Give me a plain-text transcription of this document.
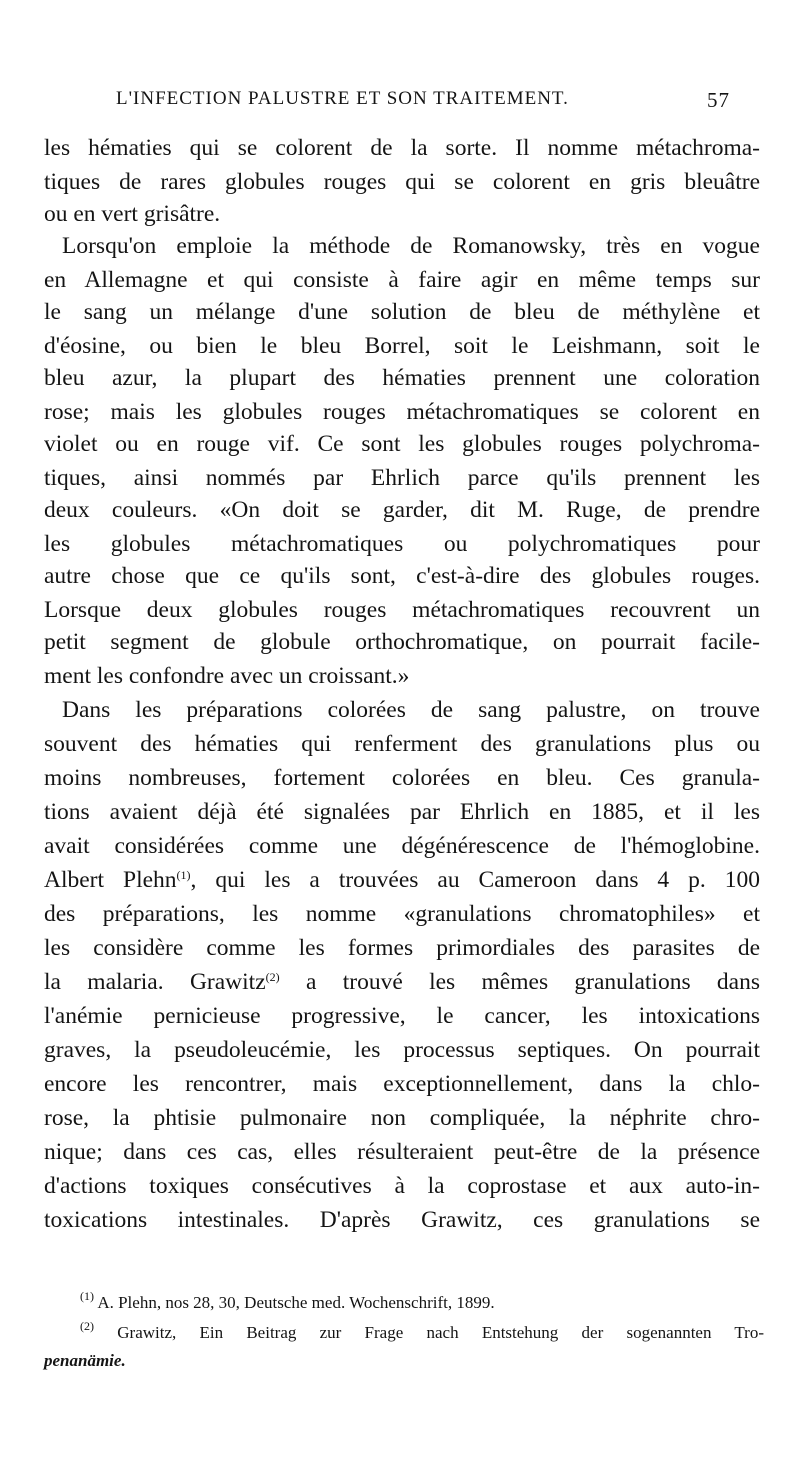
L'INFECTION PALUSTRE ET SON TRAITEMENT.	57
les hématies qui se colorent de la sorte. Il nomme métachroma-
tiques de rares globules rouges qui se colorent en gris bleuâtre
ou en vert grisâtre.
Lorsqu'on emploie la méthode de Romanowsky, très en vogue
en Allemagne et qui consiste à faire agir en même temps sur
le sang un mélange d'une solution de bleu de méthylène et
d'éosine, ou bien le bleu Borrel, soit le Leishmann, soit le
bleu azur, la plupart des hématies prennent une coloration
rose; mais les globules rouges métachromatiques se colorent en
violet ou en rouge vif. Ce sont les globules rouges polychroma-
tiques, ainsi nommés par Ehrlich parce qu'ils prennent les
deux couleurs. «On doit se garder, dit M. Ruge, de prendre
les globules métachromatiques ou polychromatiques pour
autre chose que ce qu'ils sont, c'est-à-dire des globules rouges.
Lorsque deux globules rouges métachromatiques recouvrent un
petit segment de globule orthochromatique, on pourrait facile-
ment les confondre avec un croissant.»
Dans les préparations colorées de sang palustre, on trouve
souvent des hématies qui renferment des granulations plus ou
moins nombreuses, fortement colorées en bleu. Ces granula-
tions avaient déjà été signalées par Ehrlich en 1885, et il les
avait considérées comme une dégénérescence de l'hémoglobine.
Albert Plehn$^{(1)}$, qui les a trouvées au Cameroon dans 4 p. 100
des préparations, les nomme «granulations chromatophiles» et
les considère comme les formes primordiales des parasites de
la malaria. Grawitz$^{(2)}$ a trouvé les mêmes granulations dans
l'anémie pernicieuse progressive, le cancer, les intoxications
graves, la pseudoleucémie, les processus septiques. On pourrait
encore les rencontrer, mais exceptionnellement, dans la chlo-
rose, la phtisie pulmonaire non compliquée, la néphrite chro-
nique; dans ces cas, elles résulteraient peut-être de la présence
d'actions toxiques consécutives à la coprostase et aux auto-in-
toxications intestinales. D'après Grawitz, ces granulations se
$^{(1)}$ A. Plehn, nos 28, 30, Deutsche med. Wochenschrift, 1899.
$^{(2)}$ Grawitz, Ein Beitrag zur Frage nach Entstehung der sogenannten Tro-
penanämie.
